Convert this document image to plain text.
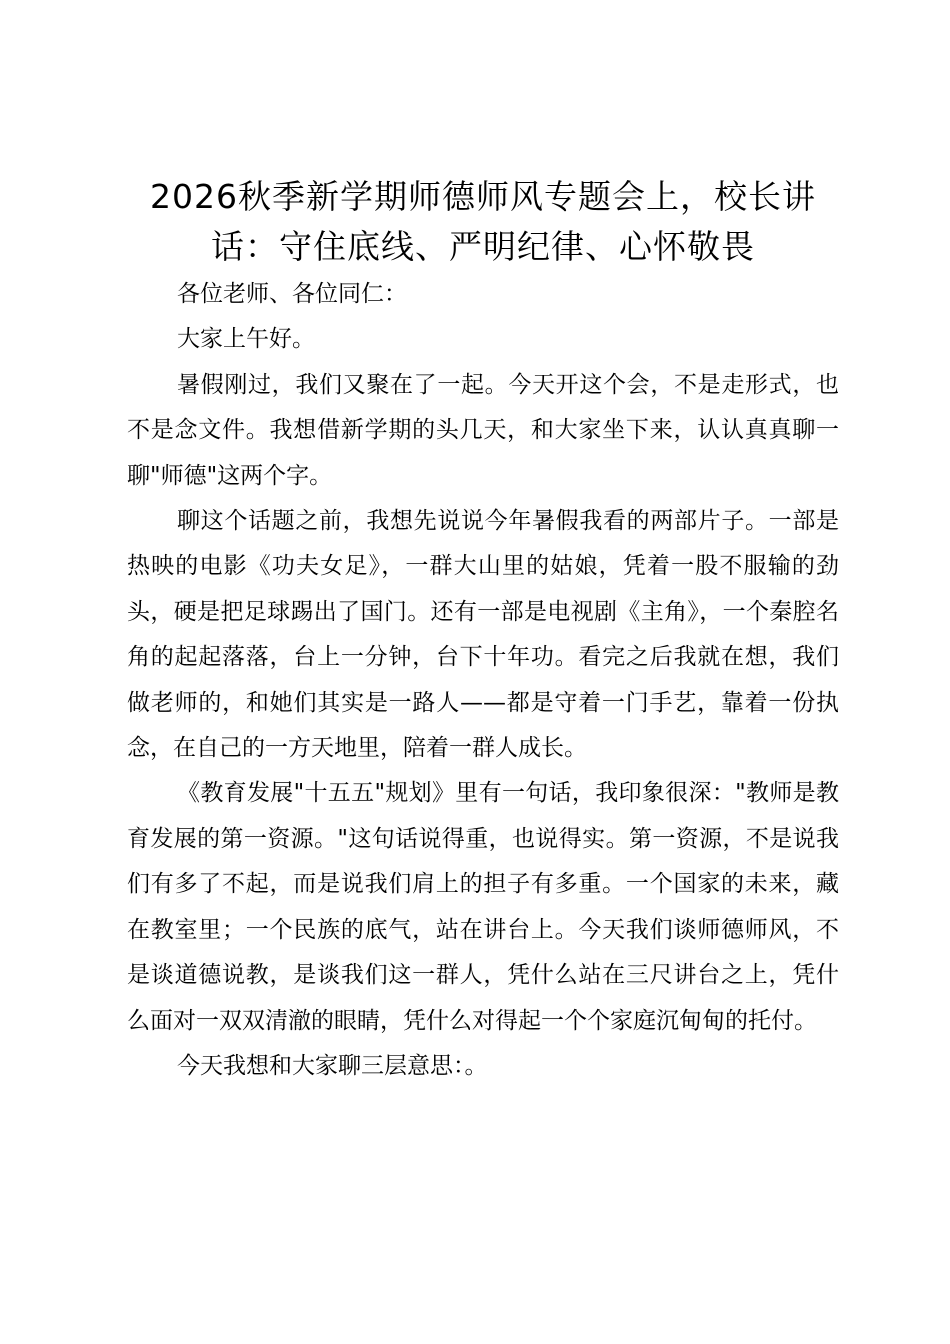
2026秋季新学期师德师风专题会上，校长讲话：守住底线、严明纪律、心怀敬畏

各位老师、各位同仁：

大家上午好。

暑假刚过，我们又聚在了一起。今天开这个会，不是走形式，也不是念文件。我想借新学期的头几天，和大家坐下来，认认真真聊一聊"师德"这两个字。

聊这个话题之前，我想先说说今年暑假我看的两部片子。一部是热映的电影《功夫女足》，一群大山里的姑娘，凭着一股不服输的劲头，硬是把足球踢出了国门。还有一部是电视剧《主角》，一个秦腔名角的起起落落，台上一分钟，台下十年功。看完之后我就在想，我们做老师的，和她们其实是一路人——都是守着一门手艺，靠着一份执念，在自己的一方天地里，陪着一群人成长。

《教育发展"十五五"规划》里有一句话，我印象很深："教师是教育发展的第一资源。"这句话说得重，也说得实。第一资源，不是说我们有多了不起，而是说我们肩上的担子有多重。一个国家的未来，藏在教室里；一个民族的底气，站在讲台上。今天我们谈师德师风，不是谈道德说教，是谈我们这一群人，凭什么站在三尺讲台之上，凭什么面对一双双清澈的眼睛，凭什么对得起一个个家庭沉甸甸的托付。

今天我想和大家聊三层意思：。
